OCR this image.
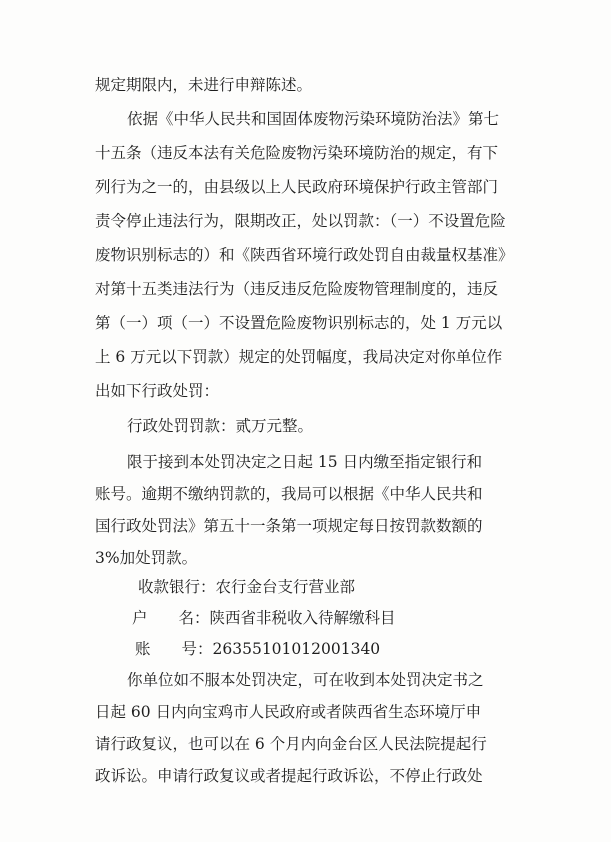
规定期限内，未进行申辩陈述。
依据《中华人民共和国固体废物污染环境防治法》第七
十五条（违反本法有关危险废物污染环境防治的规定，有下
列行为之一的，由县级以上人民政府环境保护行政主管部门
责令停止违法行为，限期改正，处以罚款：（一）不设置危险
废物识别标志的）和《陕西省环境行政处罚自由裁量权基准》
对第十五类违法行为（违反违反危险废物管理制度的，违反
第（一）项（一）不设置危险废物识别标志的，处 1 万元以
上 6 万元以下罚款）规定的处罚幅度，我局决定对你单位作
出如下行政处罚：
行政处罚罚款：贰万元整。
限于接到本处罚决定之日起 15 日内缴至指定银行和
账号。逾期不缴纳罚款的，我局可以根据《中华人民共和
国行政处罚法》第五十一条第一项规定每日按罚款数额的
3%加处罚款。
收款银行：农行金台支行营业部
户　　名：陕西省非税收入待解缴科目
账　　号：26355101012001340
你单位如不服本处罚决定，可在收到本处罚决定书之
日起 60 日内向宝鸡市人民政府或者陕西省生态环境厅申
请行政复议，也可以在 6 个月内向金台区人民法院提起行
政诉讼。申请行政复议或者提起行政诉讼，不停止行政处
